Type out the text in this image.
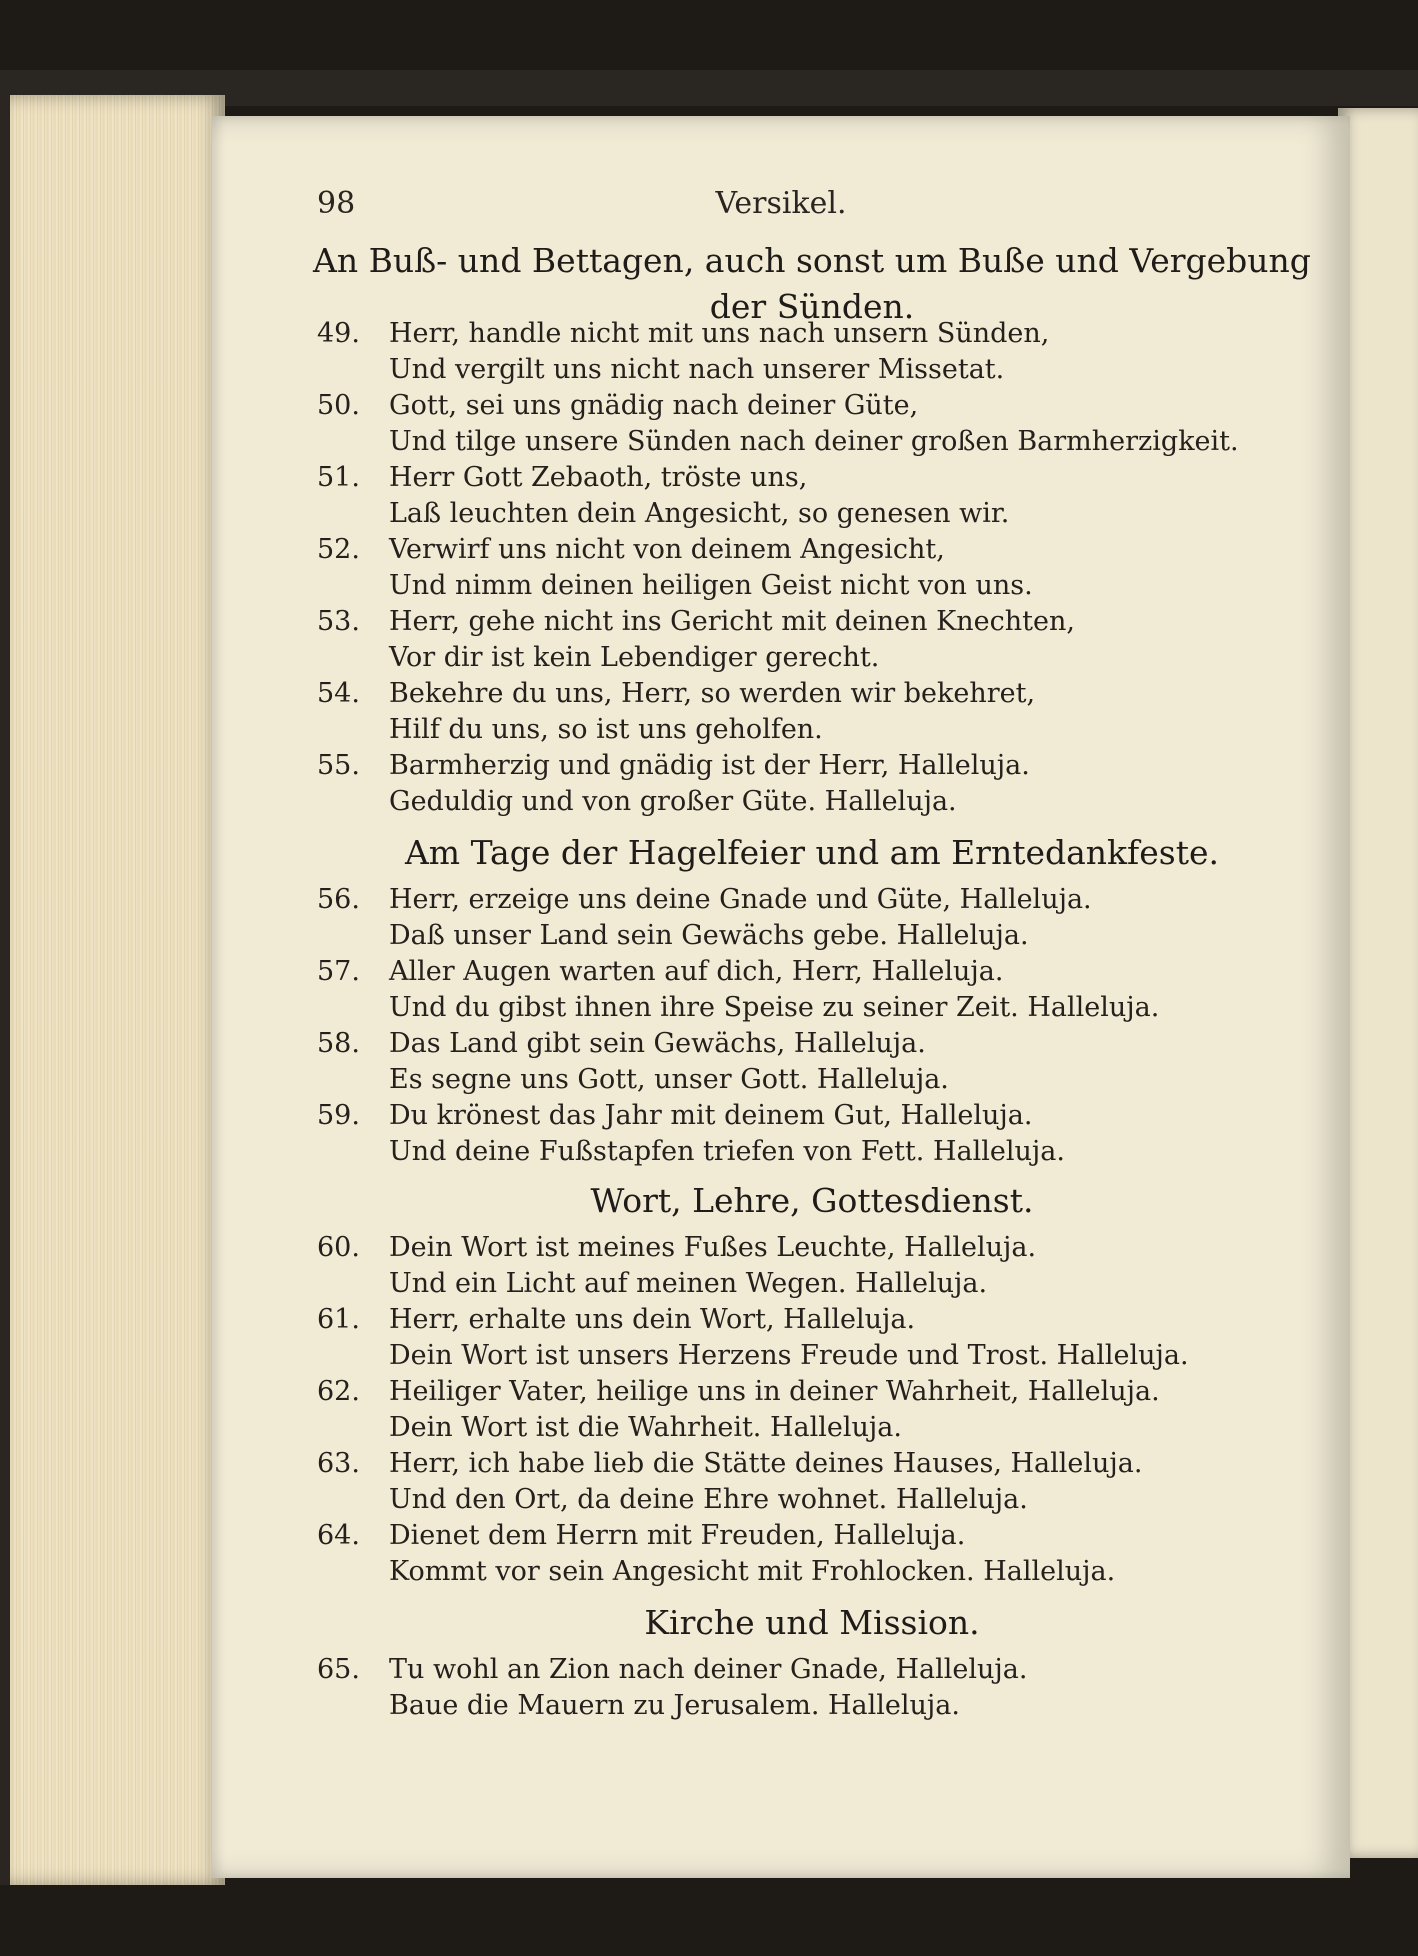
98	Versikel.
An Buß- und Bettagen, auch sonst um Buße und Vergebung
der Sünden.
49. Herr, handle nicht mit uns nach unsern Sünden,
Und vergilt uns nicht nach unserer Missetat.
50. Gott, sei uns gnädig nach deiner Güte,
Und tilge unsere Sünden nach deiner großen Barmherzigkeit.
51. Herr Gott Zebaoth, tröste uns,
Laß leuchten dein Angesicht, so genesen wir.
52. Verwirf uns nicht von deinem Angesicht,
Und nimm deinen heiligen Geist nicht von uns.
53. Herr, gehe nicht ins Gericht mit deinen Knechten,
Vor dir ist kein Lebendiger gerecht.
54. Bekehre du uns, Herr, so werden wir bekehret,
Hilf du uns, so ist uns geholfen.
55. Barmherzig und gnädig ist der Herr, Halleluja.
Geduldig und von großer Güte. Halleluja.
Am Tage der Hagelfeier und am Erntedankfeste.
56. Herr, erzeige uns deine Gnade und Güte, Halleluja.
Daß unser Land sein Gewächs gebe. Halleluja.
57. Aller Augen warten auf dich, Herr, Halleluja.
Und du gibst ihnen ihre Speise zu seiner Zeit. Halleluja.
58. Das Land gibt sein Gewächs, Halleluja.
Es segne uns Gott, unser Gott. Halleluja.
59. Du krönest das Jahr mit deinem Gut, Halleluja.
Und deine Fußstapfen triefen von Fett. Halleluja.
Wort, Lehre, Gottesdienst.
60. Dein Wort ist meines Fußes Leuchte, Halleluja.
Und ein Licht auf meinen Wegen. Halleluja.
61. Herr, erhalte uns dein Wort, Halleluja.
Dein Wort ist unsers Herzens Freude und Trost. Halleluja.
62. Heiliger Vater, heilige uns in deiner Wahrheit, Halleluja.
Dein Wort ist die Wahrheit. Halleluja.
63. Herr, ich habe lieb die Stätte deines Hauses, Halleluja.
Und den Ort, da deine Ehre wohnet. Halleluja.
64. Dienet dem Herrn mit Freuden, Halleluja.
Kommt vor sein Angesicht mit Frohlocken. Halleluja.
Kirche und Mission.
65. Tu wohl an Zion nach deiner Gnade, Halleluja.
Baue die Mauern zu Jerusalem. Halleluja.
